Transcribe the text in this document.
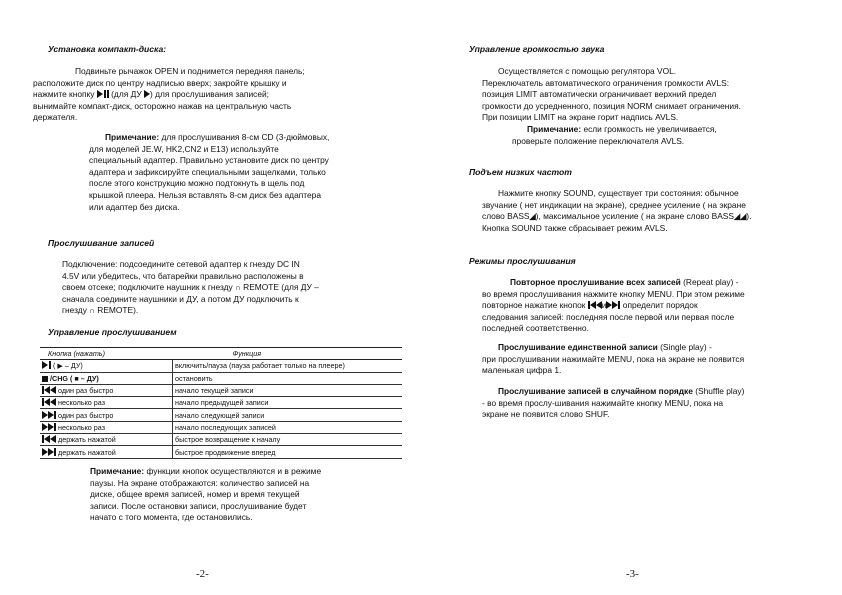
Установка компакт-диска:

Подвиньте рычажок OPEN и поднимется передняя панель;

расположите диск по центру надписью вверх; закройте крышку и

нажмите кнопку (для ДУ ) для прослушивания записей;

вынимайте компакт-диск, осторожно нажав на центральную часть

держателя.

Примечание: для прослушивания 8-см CD (3-дюймовых,

для моделей JE.W, HK2,CN2 и E13) используйте

специальный адаптер. Правильно установите диск по центру

адаптера и зафиксируйте специальными защелками, только

после этого конструкцию можно подтокнуть в щель под

крышкой плеера. Нельзя вставлять 8-см диск без адаптера

или адаптер без диска.

Прослушивание записей

Подключение: подсоедините сетевой адаптер к гнезду DC IN

4.5V или убедитесь, что батарейки правильно расположены в

своем отсеке; подключите наушник к гнезду ∩ REMOTE (для ДУ –

сначала соедините наушники и ДУ, а потом ДУ подключить к

гнезду ∩ REMOTE).

Управление прослушиванием
Кнопка (нажать)	Функция
( ▶ – ДУ)	включить/пауза (пауза работает только на плеере)
/CHG ( ■ – ДУ)	остановить
один раз быстро	начало текущей записи
несколько раз	начало предыдущей записи
один раз быстро	начало следующей записи
несколько раз	начало последующих записей
держать нажатой	быстрое возвращение к началу
держать нажатой	быстрое продвижение вперед

Примечание: функции кнопок осуществляются и в режиме

паузы. На экране отображаются: количество записей на

диске, общее время записей, номер и время текущей

записи. После остановки записи, прослушивание будет

начато с того момента, где остановились.

-2-
Управление громкостью звука

Осуществляется с помощью регулятора VOL.

Переключатель автоматического ограничения громкости AVLS:

позиция LIMIT автоматически ограничивает верхний предел

громкости до усредненного, позиция NORM снимает ограничения.

При позиции LIMIT на экране горит надпись AVLS.

Примечание: если громкость не увеличивается,

проверьте положение переключателя AVLS.

Подъем низких частот

Нажмите кнопку SOUND, существует три состояния: обычное

звучание ( нет индикации на экране), среднее усиление ( на экране

слово BASS◢), максимальное усиление ( на экране слово BASS◢◢).

Кнопка SOUND также сбрасывает режим AVLS.

Режимы прослушивания

Повторное прослушивание всех записей (Repeat play) -

во время прослушивания нажмите кнопку MENU. При этом режиме

повторное нажатие кнопок и определит порядок

следования записей: последняя после первой или первая после

последней соответственно.

Прослушивание единственной записи (Single play) -

при прослушивании нажимайте MENU, пока на экране не появится

маленькая цифра 1.

Прослушивание записей в случайном порядке (Shuffle play)

- во время прослу-шивания нажимайте кнопку MENU, пока на

экране не появится слово SHUF.

-3-
